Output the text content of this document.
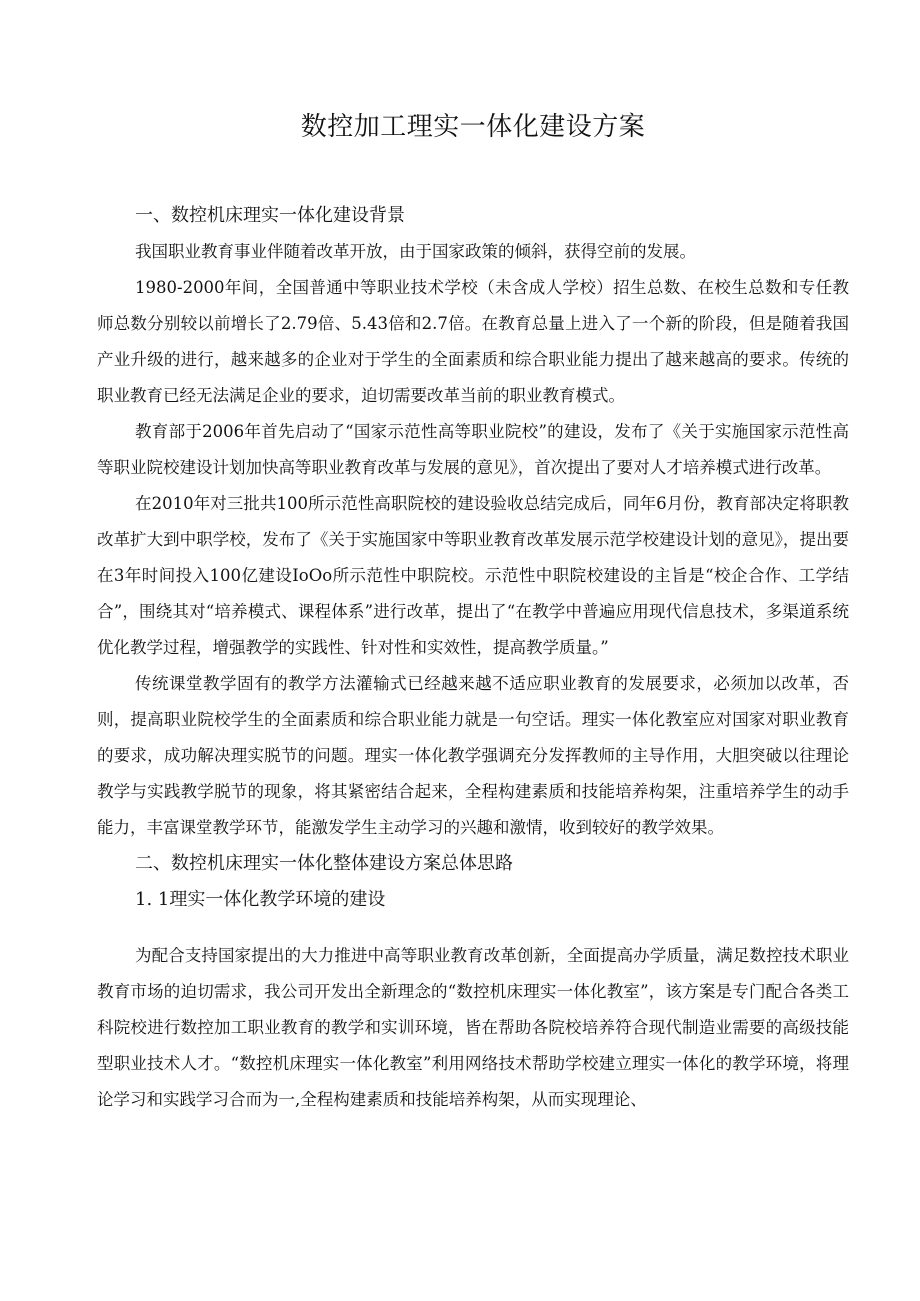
数控加工理实一体化建设方案

一、数控机床理实一体化建设背景

我国职业教育事业伴随着改革开放，由于国家政策的倾斜，获得空前的发展。

1980-2000年间，全国普通中等职业技术学校（未含成人学校）招生总数、在校生总数和专任教师总数分别较以前增长了2.79倍、5.43倍和2.7倍。在教育总量上进入了一个新的阶段，但是随着我国产业升级的进行，越来越多的企业对于学生的全面素质和综合职业能力提出了越来越高的要求。传统的职业教育已经无法满足企业的要求，迫切需要改革当前的职业教育模式。

教育部于2006年首先启动了“国家示范性高等职业院校”的建设，发布了《关于实施国家示范性高等职业院校建设计划加快高等职业教育改革与发展的意见》，首次提出了要对人才培养模式进行改革。

在2010年对三批共100所示范性高职院校的建设验收总结完成后，同年6月份，教育部决定将职教改革扩大到中职学校，发布了《关于实施国家中等职业教育改革发展示范学校建设计划的意见》，提出要在3年时间投入100亿建设IoOo所示范性中职院校。示范性中职院校建设的主旨是“校企合作、工学结合”，围绕其对“培养模式、课程体系”进行改革，提出了“在教学中普遍应用现代信息技术，多渠道系统优化教学过程，增强教学的实践性、针对性和实效性，提高教学质量。”

传统课堂教学固有的教学方法灌输式已经越来越不适应职业教育的发展要求，必须加以改革，否则，提高职业院校学生的全面素质和综合职业能力就是一句空话。理实一体化教室应对国家对职业教育的要求，成功解决理实脱节的问题。理实一体化教学强调充分发挥教师的主导作用，大胆突破以往理论教学与实践教学脱节的现象，将其紧密结合起来，全程构建素质和技能培养构架，注重培养学生的动手能力，丰富课堂教学环节，能激发学生主动学习的兴趣和激情，收到较好的教学效果。

二、数控机床理实一体化整体建设方案总体思路

1. 1理实一体化教学环境的建设

为配合支持国家提出的大力推进中高等职业教育改革创新，全面提高办学质量，满足数控技术职业教育市场的迫切需求，我公司开发出全新理念的“数控机床理实一体化教室”，该方案是专门配合各类工科院校进行数控加工职业教育的教学和实训环境，皆在帮助各院校培养符合现代制造业需要的高级技能型职业技术人才。“数控机床理实一体化教室”利用网络技术帮助学校建立理实一体化的教学环境，将理论学习和实践学习合而为一,全程构建素质和技能培养构架，从而实现理论、
